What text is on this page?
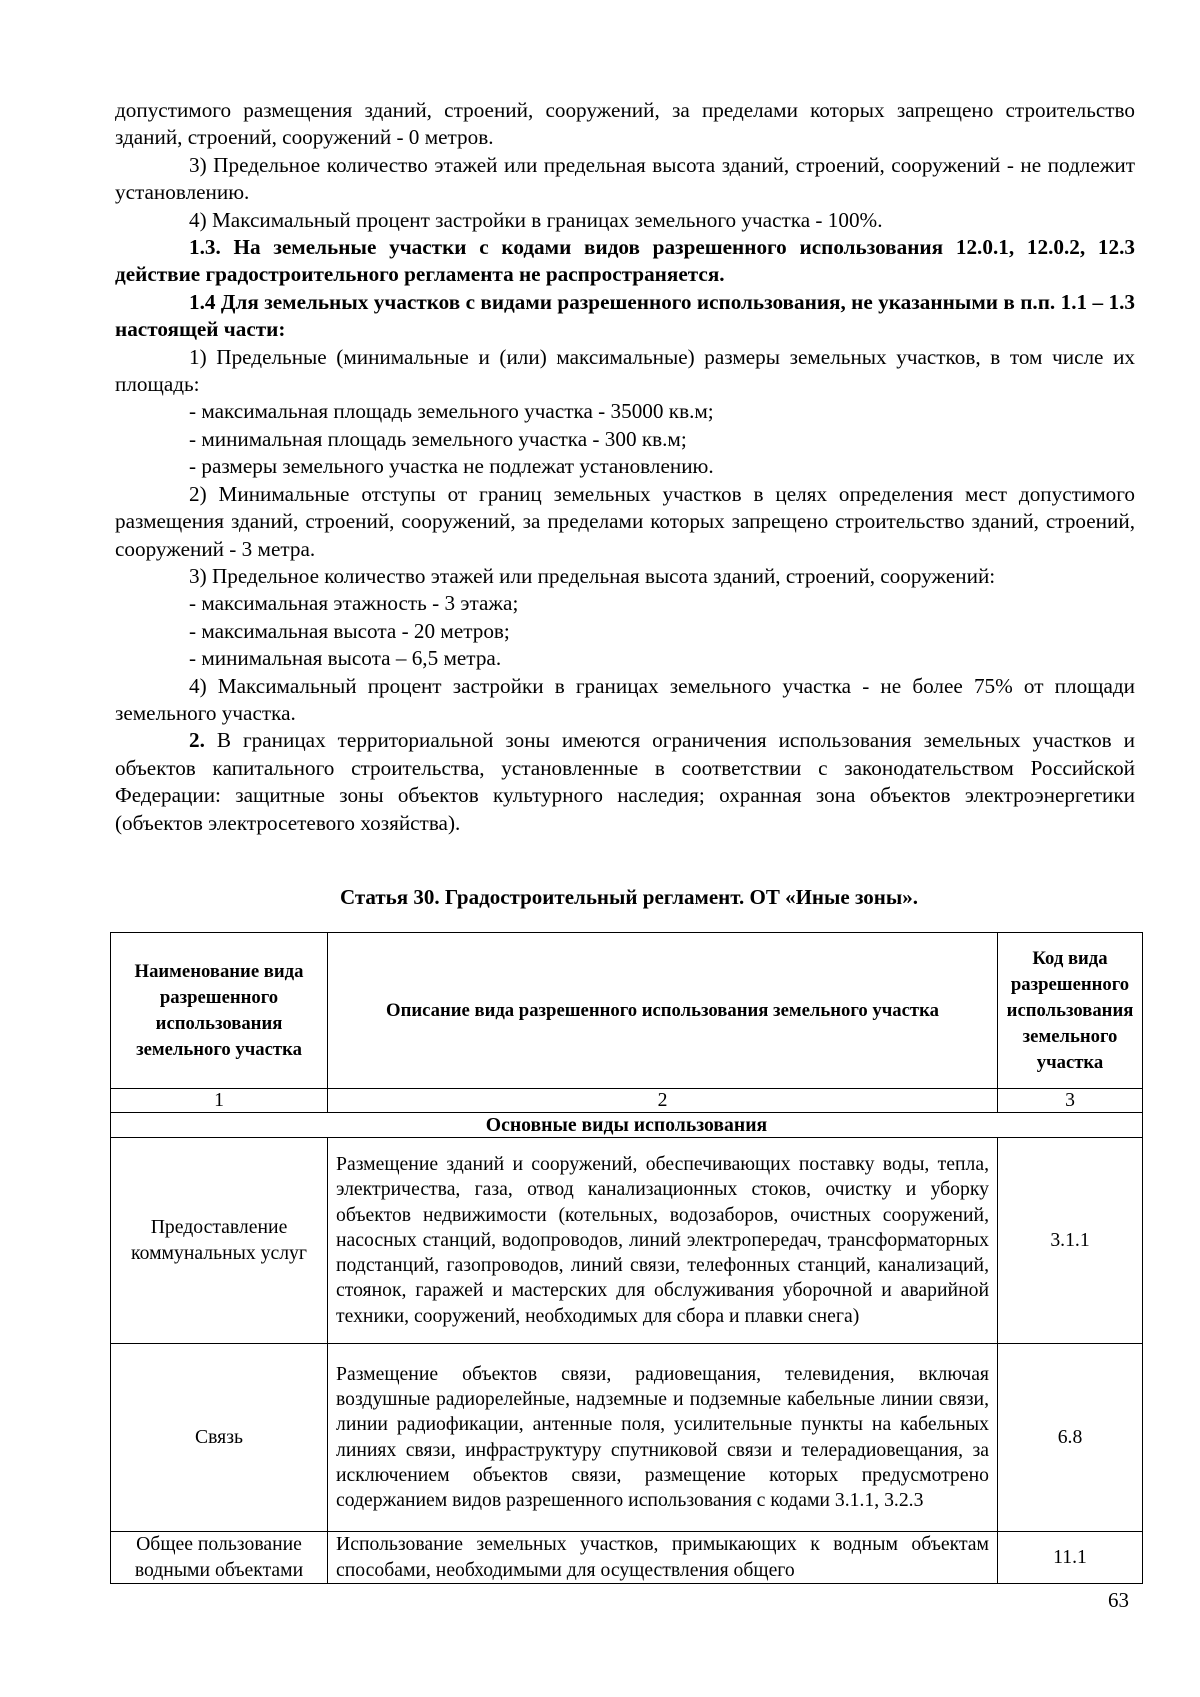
допустимого размещения зданий, строений, сооружений, за пределами которых запрещено строительство зданий, строений, сооружений - 0 метров.

3) Предельное количество этажей или предельная высота зданий, строений, сооружений - не подлежит установлению.

4) Максимальный процент застройки в границах земельного участка - 100%.

1.3. На земельные участки с кодами видов разрешенного использования 12.0.1, 12.0.2, 12.3 действие градостроительного регламента не распространяется.

1.4 Для земельных участков с видами разрешенного использования, не указанными в п.п. 1.1 – 1.3 настоящей части:

1) Предельные (минимальные и (или) максимальные) размеры земельных участков, в том числе их площадь:

- максимальная площадь земельного участка - 35000 кв.м;

- минимальная площадь земельного участка - 300 кв.м;

- размеры земельного участка не подлежат установлению.

2) Минимальные отступы от границ земельных участков в целях определения мест допустимого размещения зданий, строений, сооружений, за пределами которых запрещено строительство зданий, строений, сооружений - 3 метра.

3) Предельное количество этажей или предельная высота зданий, строений, сооружений:

- максимальная этажность - 3 этажа;

- максимальная высота - 20 метров;

- минимальная высота – 6,5 метра.

4) Максимальный процент застройки в границах земельного участка - не более 75% от площади земельного участка.

2. В границах территориальной зоны имеются ограничения использования земельных участков и объектов капитального строительства, установленные в соответствии с законодательством Российской Федерации: защитные зоны объектов культурного наследия; охранная зона объектов электроэнергетики (объектов электросетевого хозяйства).

Статья 30. Градостроительный регламент. ОТ «Иные зоны».
Наименование вида разрешенного использования земельного участка	Описание вида разрешенного использования земельного участка	Код вида разрешенного использования земельного участка
1	2	3
Основные виды использования		
Предоставление коммунальных услуг	Размещение зданий и сооружений, обеспечивающих поставку воды, тепла, электричества, газа, отвод канализационных стоков, очистку и уборку объектов недвижимости (котельных, водозаборов, очистных сооружений, насосных станций, водопроводов, линий электропередач, трансформаторных подстанций, газопроводов, линий связи, телефонных станций, канализаций, стоянок, гаражей и мастерских для обслуживания уборочной и аварийной техники, сооружений, необходимых для сбора и плавки снега)	3.1.1
Связь	Размещение объектов связи, радиовещания, телевидения, включая воздушные радиорелейные, надземные и подземные кабельные линии связи, линии радиофикации, антенные поля, усилительные пункты на кабельных линиях связи, инфраструктуру спутниковой связи и телерадиовещания, за исключением объектов связи, размещение которых предусмотрено содержанием видов разрешенного использования с кодами 3.1.1, 3.2.3	6.8
Общее пользование водными объектами	Использование земельных участков, примыкающих к водным объектам способами, необходимыми для осуществления общего	11.1
63
